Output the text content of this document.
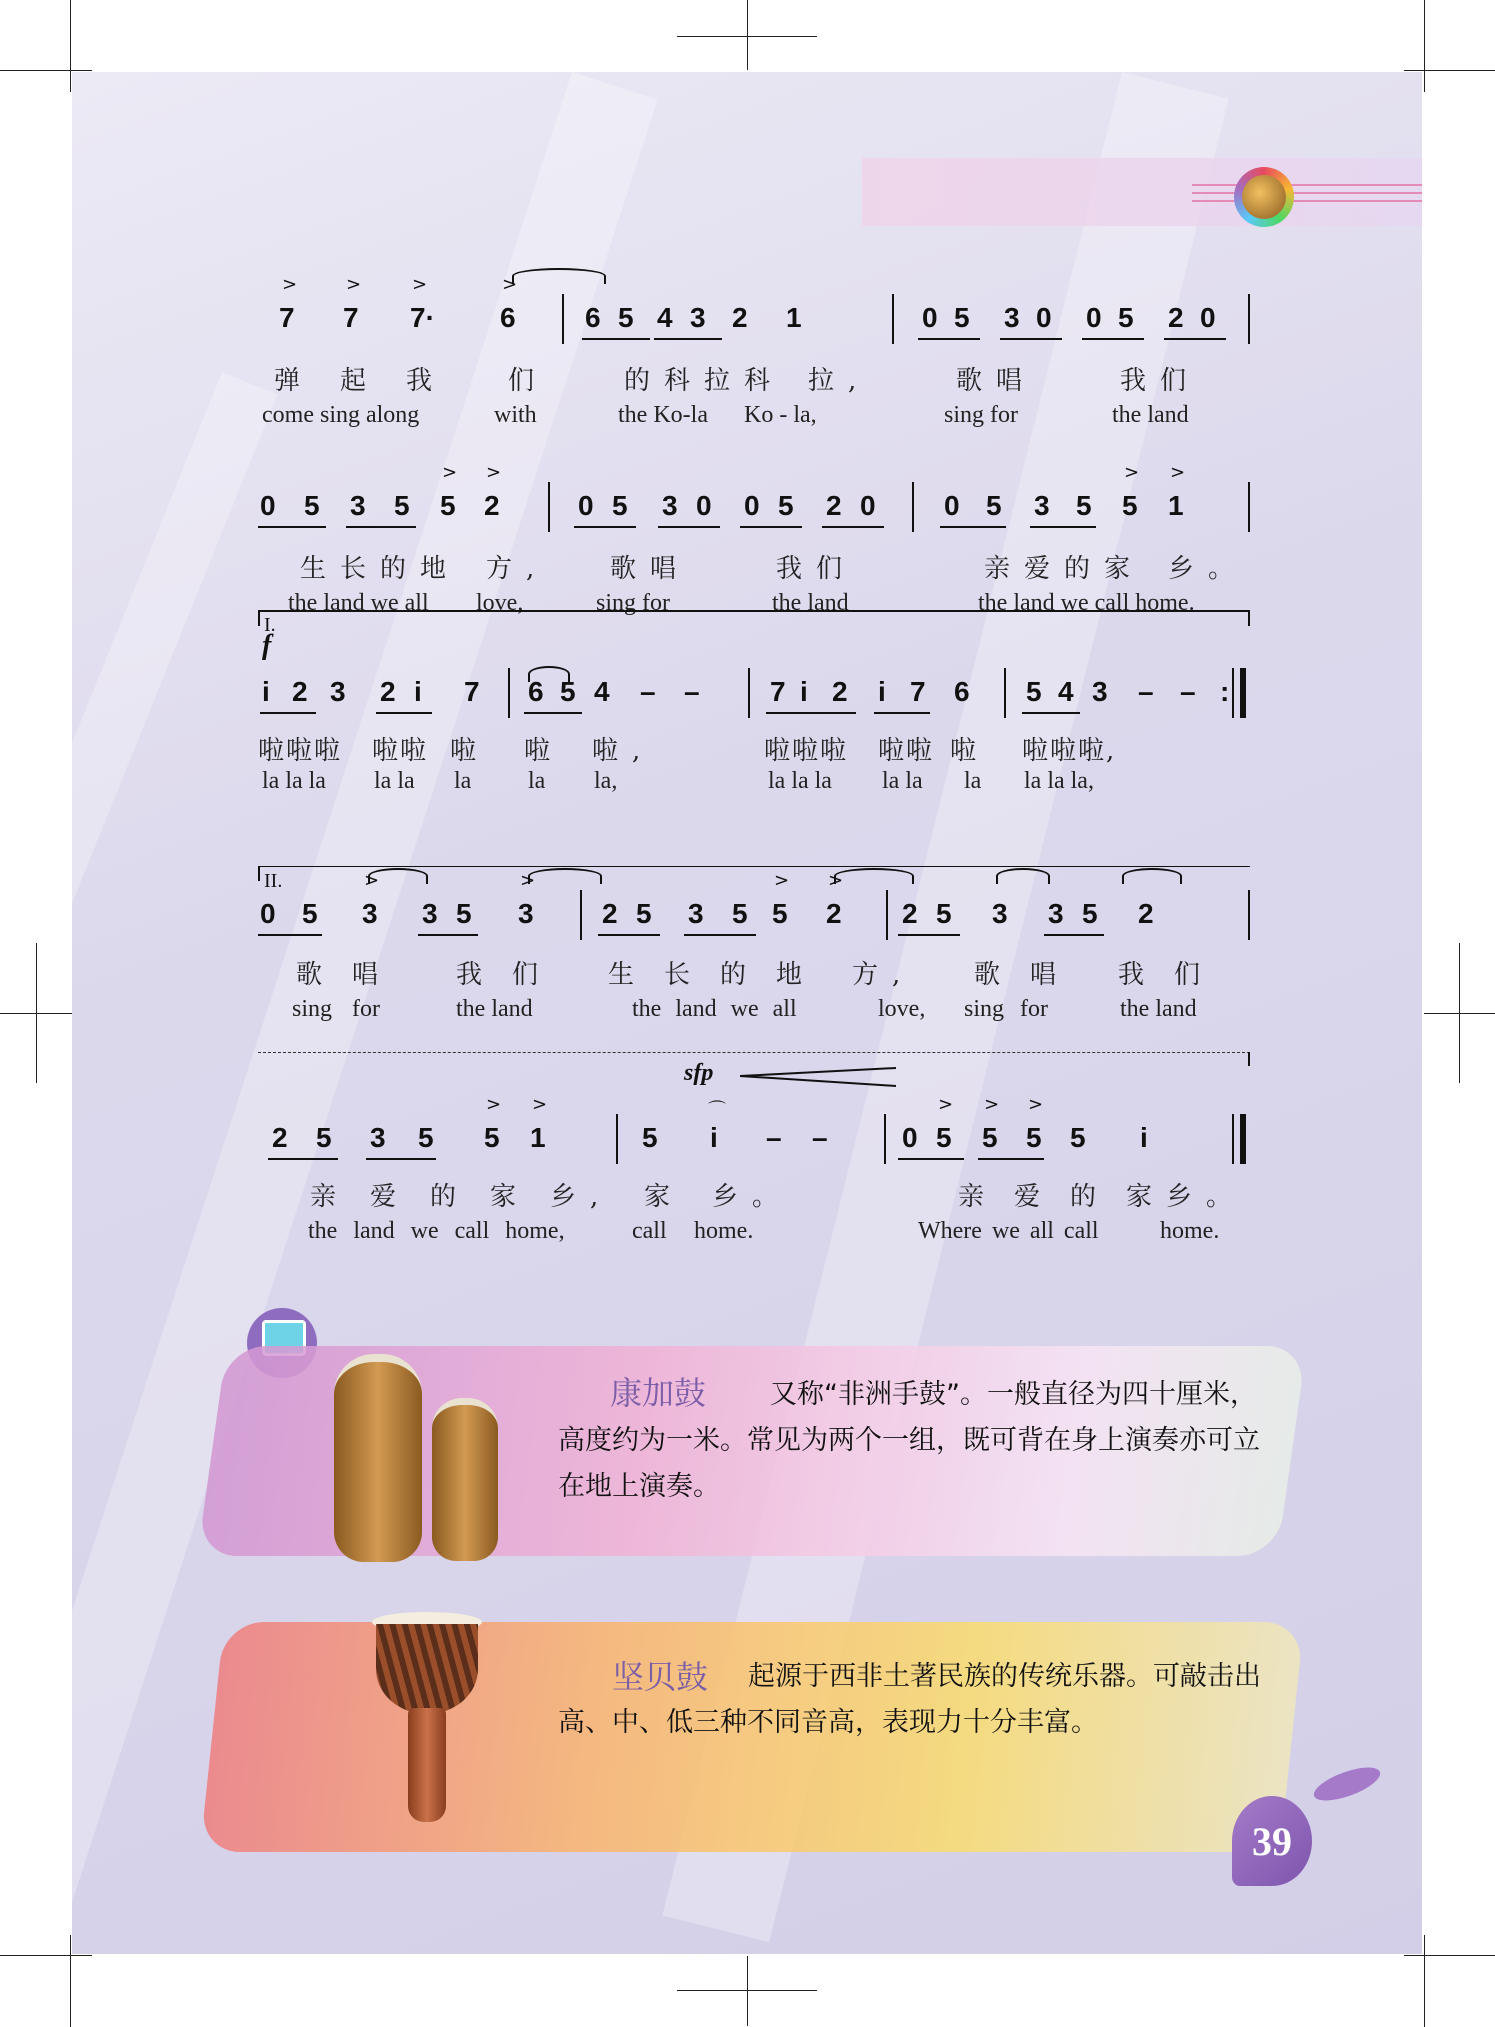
>	>	>	>
7 7 7· 6 6 5 4 3 2 1	0 5 3 0 0 5 2 0
弹 起 我 们	的科拉科 拉,	歌唱	我们
come sing along	with	the Ko-la Ko - la,	sing for	the land
> >
0 5 3 5 5 2	0 5 3 0 0 5 2 0
> >
0 5 3 5 5 1
生长的地 方, 歌唱	我们	亲爱的家 乡。
the land we all love,	sing for	the land	the land we call home.
I.
f
i 2 3 2 i 7 6 5 4 – –	7 i 2 i 7 6 5 4 3 – – :
啦啦啦 啦啦 啦 啦 啦,	啦啦啦 啦啦 啦 啦啦啦,
la la la la la la la la,	la la la la la la la la la,
II.	>	>
0 5 3 3 5 3
> >
2 5 3 5 5 2 2 5 3 3 5 2
歌唱 我们 生长的地 方, 歌唱 我们
sing for	the land	the land we all	love, sing for	the land
sfp
> >
2 5 3 5 5 1	5
⌒
i – –
> > >
0 5 5 5 5 i
亲爱的家 乡, 家 乡。	亲爱的家
乡。
the land we call home,	call home.	Where we all call	home.
康加鼓	又称“非洲手鼓”。一般直径为四十厘米，高度约为一米。常见为两个一组，既可背在身上演奏亦可立在地上演奏。
坚贝鼓	起源于西非土著民族的传统乐器。可敲击出高、中、低三种不同音高，表现力十分丰富。
39
